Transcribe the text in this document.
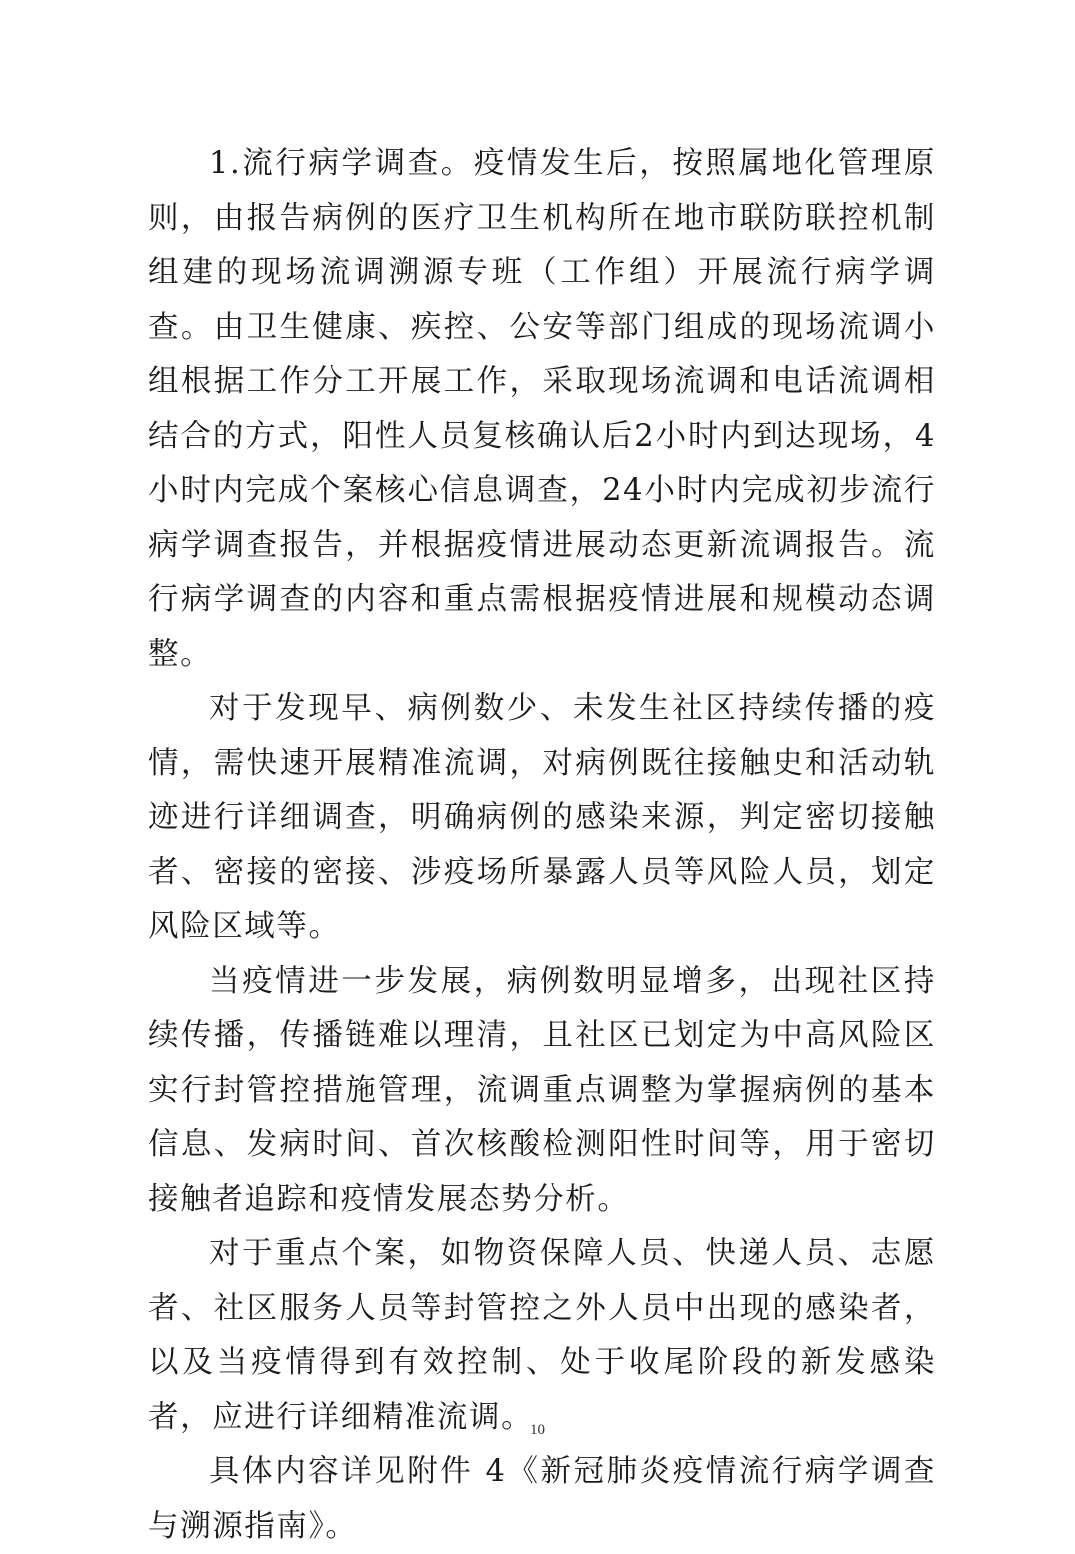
1.流行病学调查。疫情发生后，按照属地化管理原则，由报告病例的医疗卫生机构所在地市联防联控机制组建的现场流调溯源专班（工作组）开展流行病学调查。由卫生健康、疾控、公安等部门组成的现场流调小组根据工作分工开展工作，采取现场流调和电话流调相结合的方式，阳性人员复核确认后2小时内到达现场，4小时内完成个案核心信息调查，24小时内完成初步流行病学调查报告，并根据疫情进展动态更新流调报告。流行病学调查的内容和重点需根据疫情进展和规模动态调整。

对于发现早、病例数少、未发生社区持续传播的疫情，需快速开展精准流调，对病例既往接触史和活动轨迹进行详细调查，明确病例的感染来源，判定密切接触者、密接的密接、涉疫场所暴露人员等风险人员，划定风险区域等。

当疫情进一步发展，病例数明显增多，出现社区持续传播，传播链难以理清，且社区已划定为中高风险区实行封管控措施管理，流调重点调整为掌握病例的基本信息、发病时间、首次核酸检测阳性时间等，用于密切接触者追踪和疫情发展态势分析。

对于重点个案，如物资保障人员、快递人员、志愿者、社区服务人员等封管控之外人员中出现的感染者，以及当疫情得到有效控制、处于收尾阶段的新发感染者，应进行详细精准流调。

具体内容详见附件 4《新冠肺炎疫情流行病学调查与溯源指南》。

10
